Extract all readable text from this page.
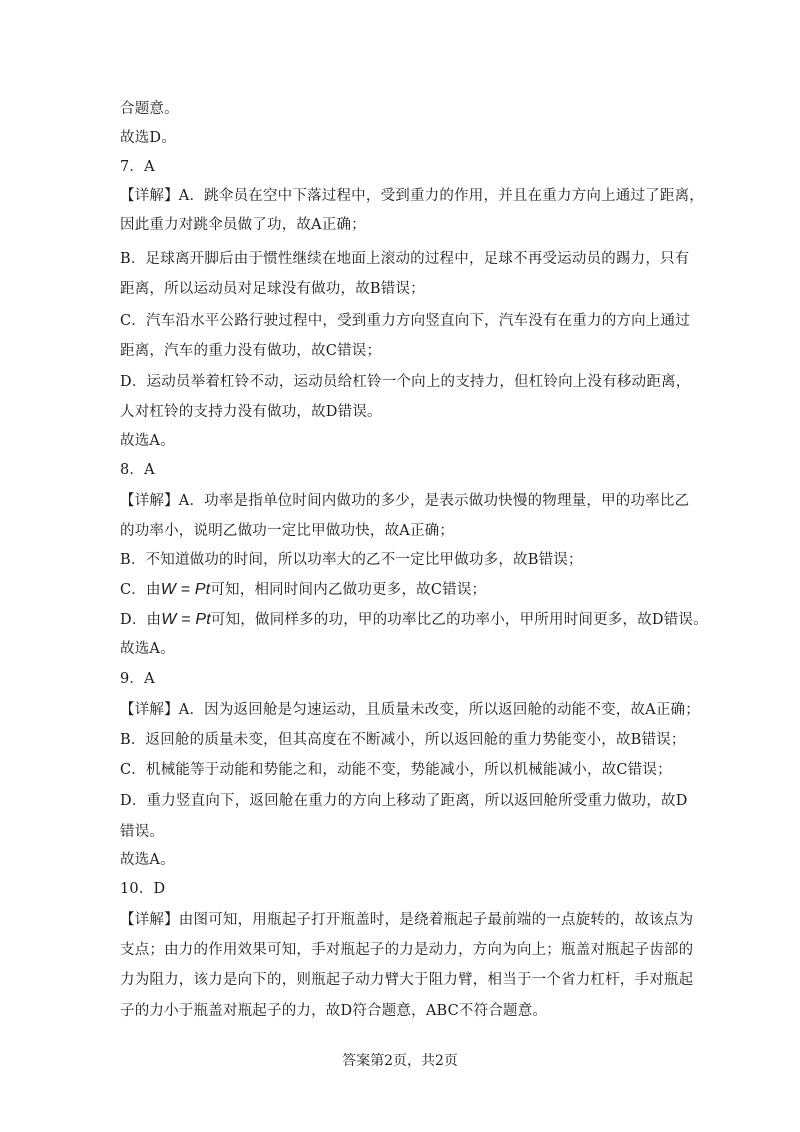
合题意。
故选D。
7．A
【详解】A．跳伞员在空中下落过程中，受到重力的作用，并且在重力方向上通过了距离，
因此重力对跳伞员做了功，故A正确；
B．足球离开脚后由于惯性继续在地面上滚动的过程中，足球不再受运动员的踢力，只有
距离，所以运动员对足球没有做功，故B错误；
C．汽车沿水平公路行驶过程中，受到重力方向竖直向下，汽车没有在重力的方向上通过
距离，汽车的重力没有做功，故C错误；
D．运动员举着杠铃不动，运动员给杠铃一个向上的支持力，但杠铃向上没有移动距离，
人对杠铃的支持力没有做功，故D错误。
故选A。
8．A
【详解】A．功率是指单位时间内做功的多少，是表示做功快慢的物理量，甲的功率比乙
的功率小，说明乙做功一定比甲做功快，故A正确；
B．不知道做功的时间，所以功率大的乙不一定比甲做功多，故B错误；
C．由W = Pt可知，相同时间内乙做功更多，故C错误；
D．由W = Pt可知，做同样多的功，甲的功率比乙的功率小，甲所用时间更多，故D错误。
故选A。
9．A
【详解】A．因为返回舱是匀速运动，且质量未改变，所以返回舱的动能不变，故A正确；
B．返回舱的质量未变，但其高度在不断减小，所以返回舱的重力势能变小，故B错误；
C．机械能等于动能和势能之和，动能不变，势能减小，所以机械能减小，故C错误；
D．重力竖直向下，返回舱在重力的方向上移动了距离，所以返回舱所受重力做功，故D
错误。
故选A。
10．D
【详解】由图可知，用瓶起子打开瓶盖时，是绕着瓶起子最前端的一点旋转的，故该点为
支点；由力的作用效果可知，手对瓶起子的力是动力，方向为向上；瓶盖对瓶起子齿部的
力为阻力，该力是向下的，则瓶起子动力臂大于阻力臂，相当于一个省力杠杆，手对瓶起
子的力小于瓶盖对瓶起子的力，故D符合题意，ABC不符合题意。
答案第2页，共2页
